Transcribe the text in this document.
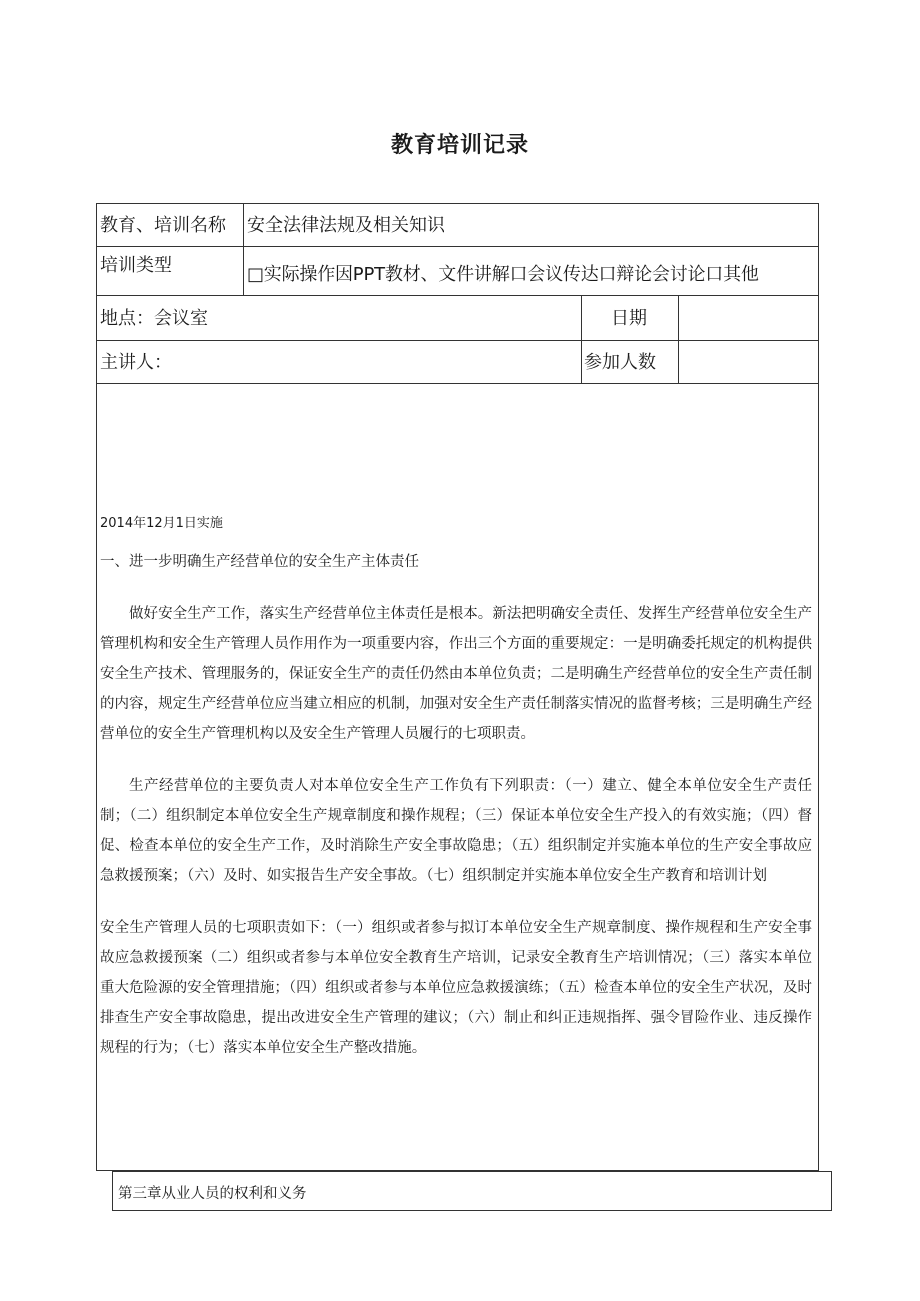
教育培训记录
教育、培训名称	安全法律法规及相关知识
培训类型	□实际操作因PPT教材、文件讲解口会议传达口辩论会讨论口其他
地点：会议室	日期
主讲人：	参加人数

2014年12月1日实施

一、进一步明确生产经营单位的安全生产主体责任

做好安全生产工作，落实生产经营单位主体责任是根本。新法把明确安全责任、发挥生产经营单位安全生产管理机构和安全生产管理人员作用作为一项重要内容，作出三个方面的重要规定：一是明确委托规定的机构提供安全生产技术、管理服务的，保证安全生产的责任仍然由本单位负责；二是明确生产经营单位的安全生产责任制的内容，规定生产经营单位应当建立相应的机制，加强对安全生产责任制落实情况的监督考核；三是明确生产经营单位的安全生产管理机构以及安全生产管理人员履行的七项职责。

生产经营单位的主要负责人对本单位安全生产工作负有下列职责：（一）建立、健全本单位安全生产责任制；（二）组织制定本单位安全生产规章制度和操作规程；（三）保证本单位安全生产投入的有效实施；（四）督促、检查本单位的安全生产工作，及时消除生产安全事故隐患；（五）组织制定并实施本单位的生产安全事故应急救援预案；（六）及时、如实报告生产安全事故。（七）组织制定并实施本单位安全生产教育和培训计划

安全生产管理人员的七项职责如下：（一）组织或者参与拟订本单位安全生产规章制度、操作规程和生产安全事故应急救援预案（二）组织或者参与本单位安全教育生产培训，记录安全教育生产培训情况；（三）落实本单位重大危险源的安全管理措施；（四）组织或者参与本单位应急救援演练；（五）检查本单位的安全生产状况，及时排查生产安全事故隐患，提出改进安全生产管理的建议；（六）制止和纠正违规指挥、强令冒险作业、违反操作规程的行为；（七）落实本单位安全生产整改措施。

第三章从业人员的权利和义务
